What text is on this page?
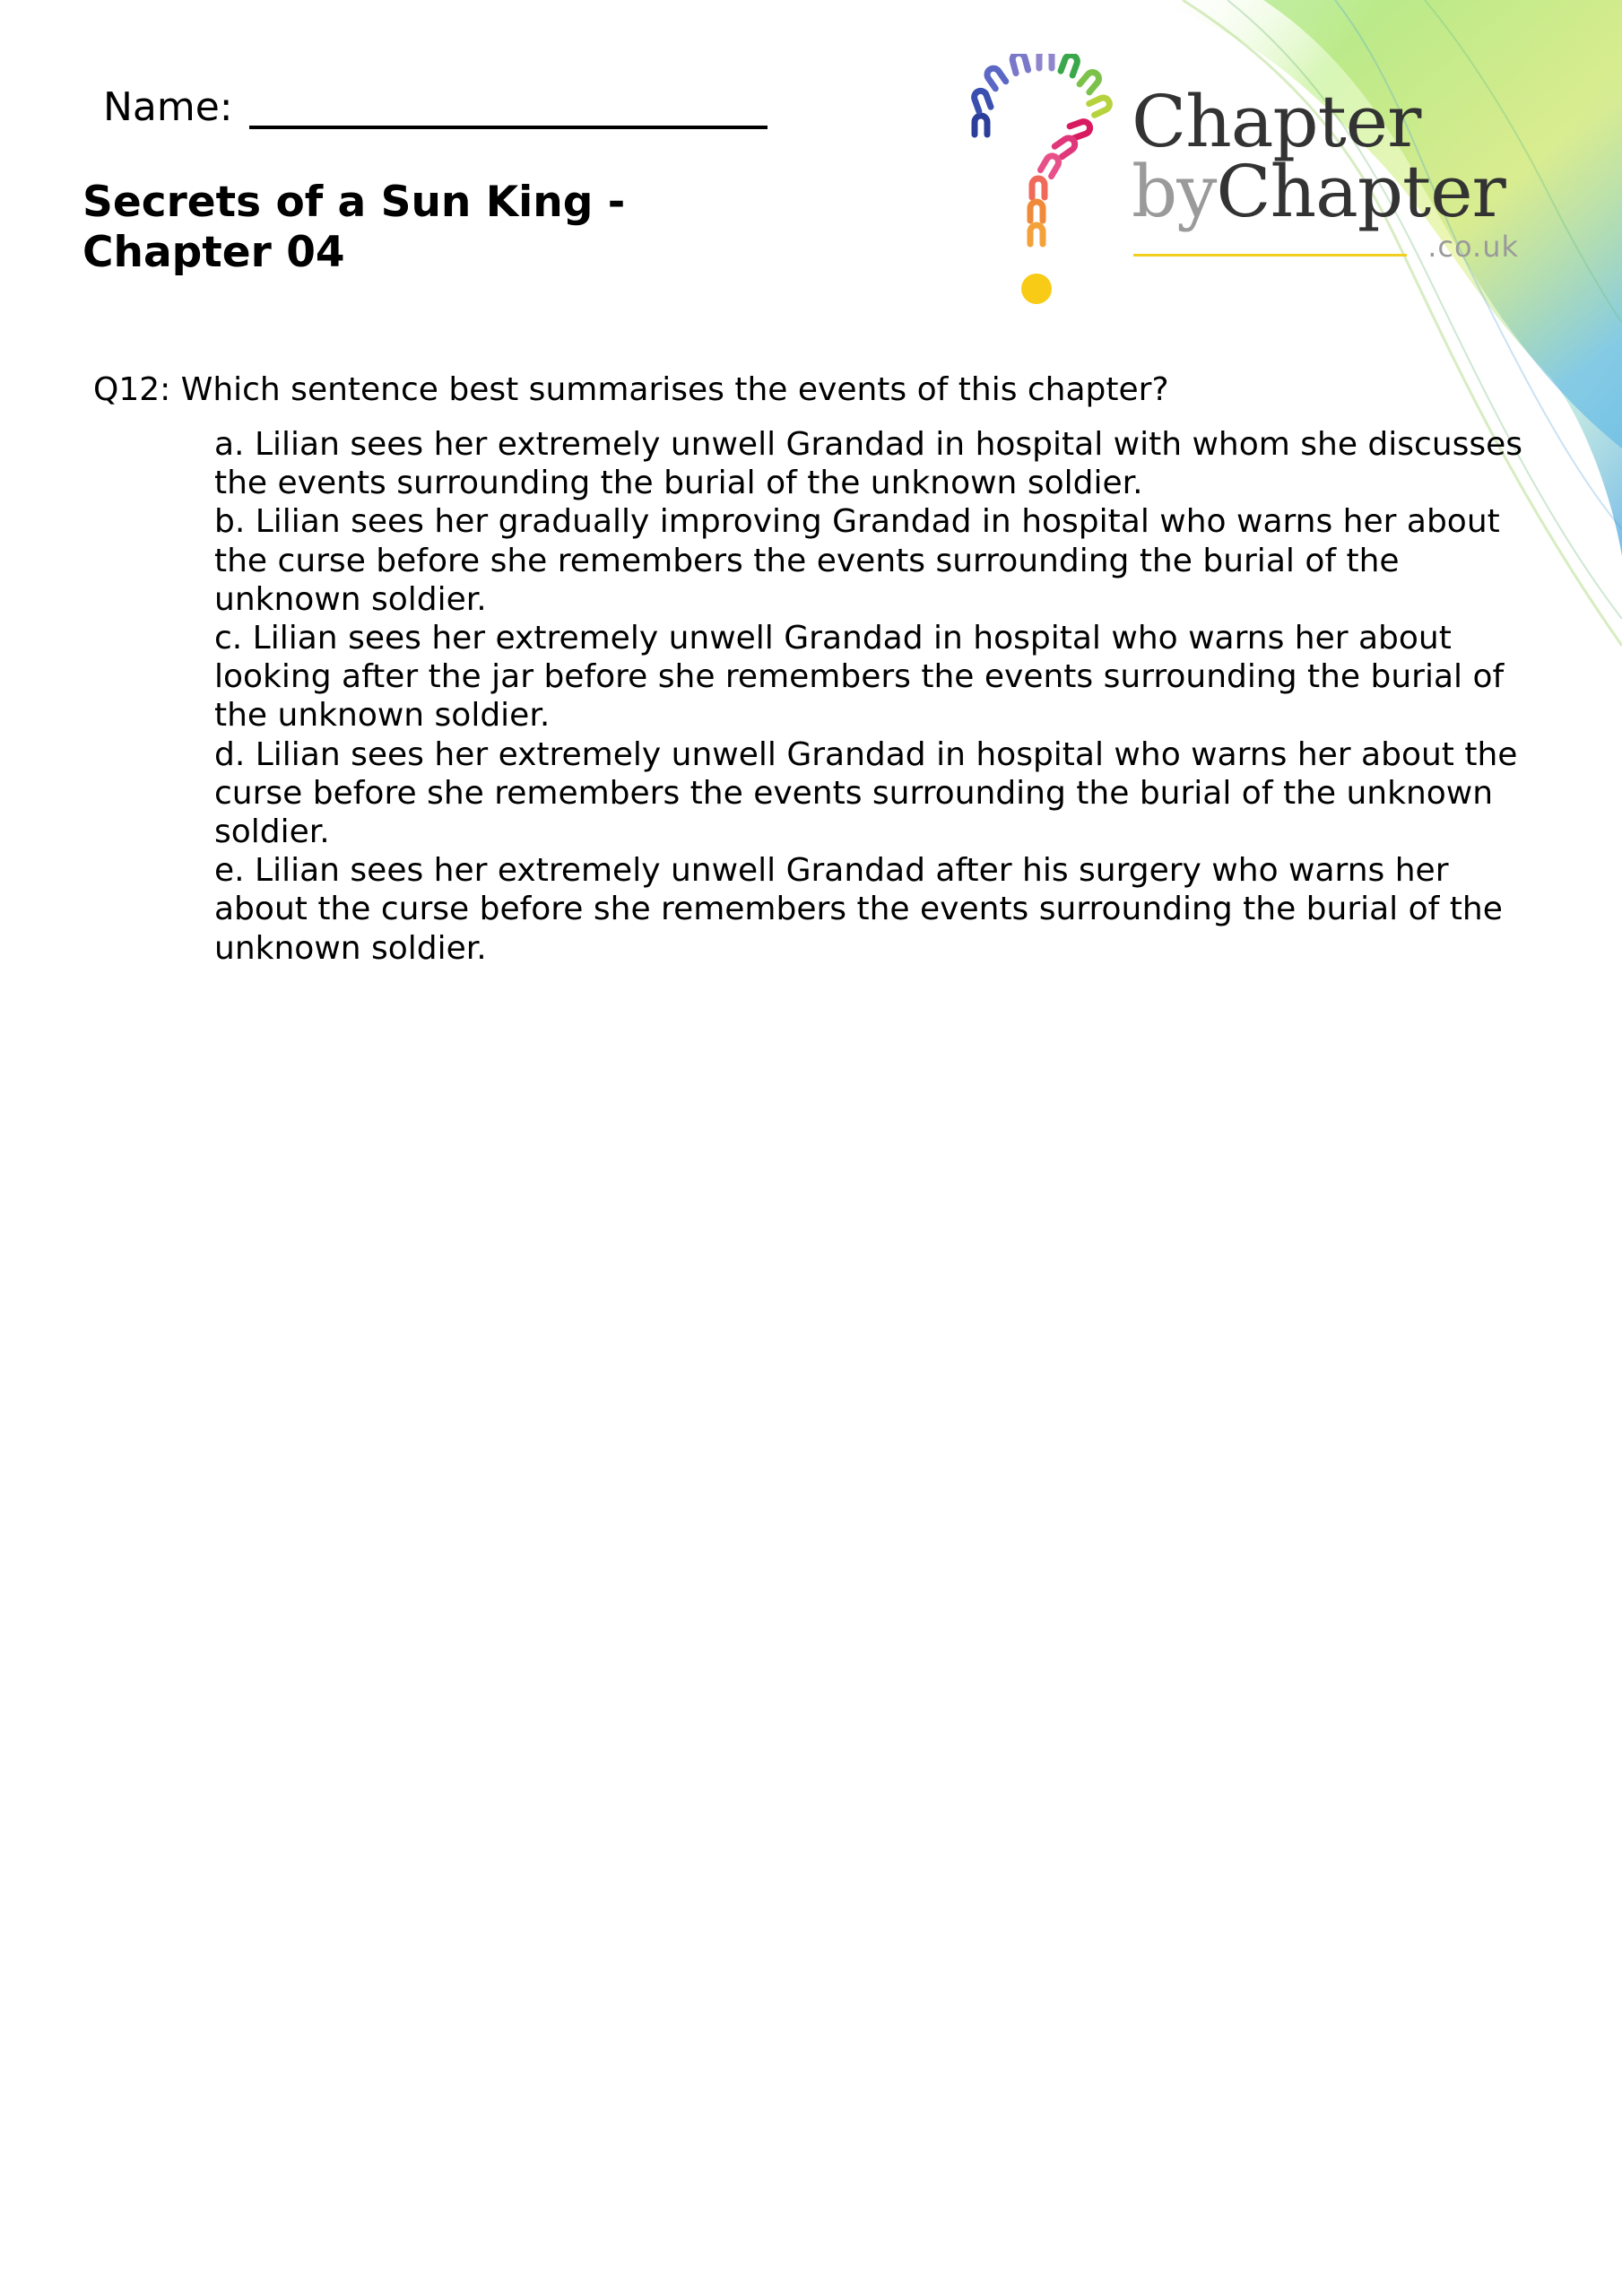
Name:
Secrets of a Sun King -
Chapter 04
Chapter
byChapter
.co.uk

Q12: Which sentence best summarises the events of this chapter?

a. Lilian sees her extremely unwell Grandad in hospital with whom she discusses the events surrounding the burial of the unknown soldier.
b. Lilian sees her gradually improving Grandad in hospital who warns her about the curse before she remembers the events surrounding the burial of the unknown soldier.
c. Lilian sees her extremely unwell Grandad in hospital who warns her about looking after the jar before she remembers the events surrounding the burial of the unknown soldier.
d. Lilian sees her extremely unwell Grandad in hospital who warns her about the curse before she remembers the events surrounding the burial of the unknown soldier.
e. Lilian sees her extremely unwell Grandad after his surgery who warns her about the curse before she remembers the events surrounding the burial of the unknown soldier.
